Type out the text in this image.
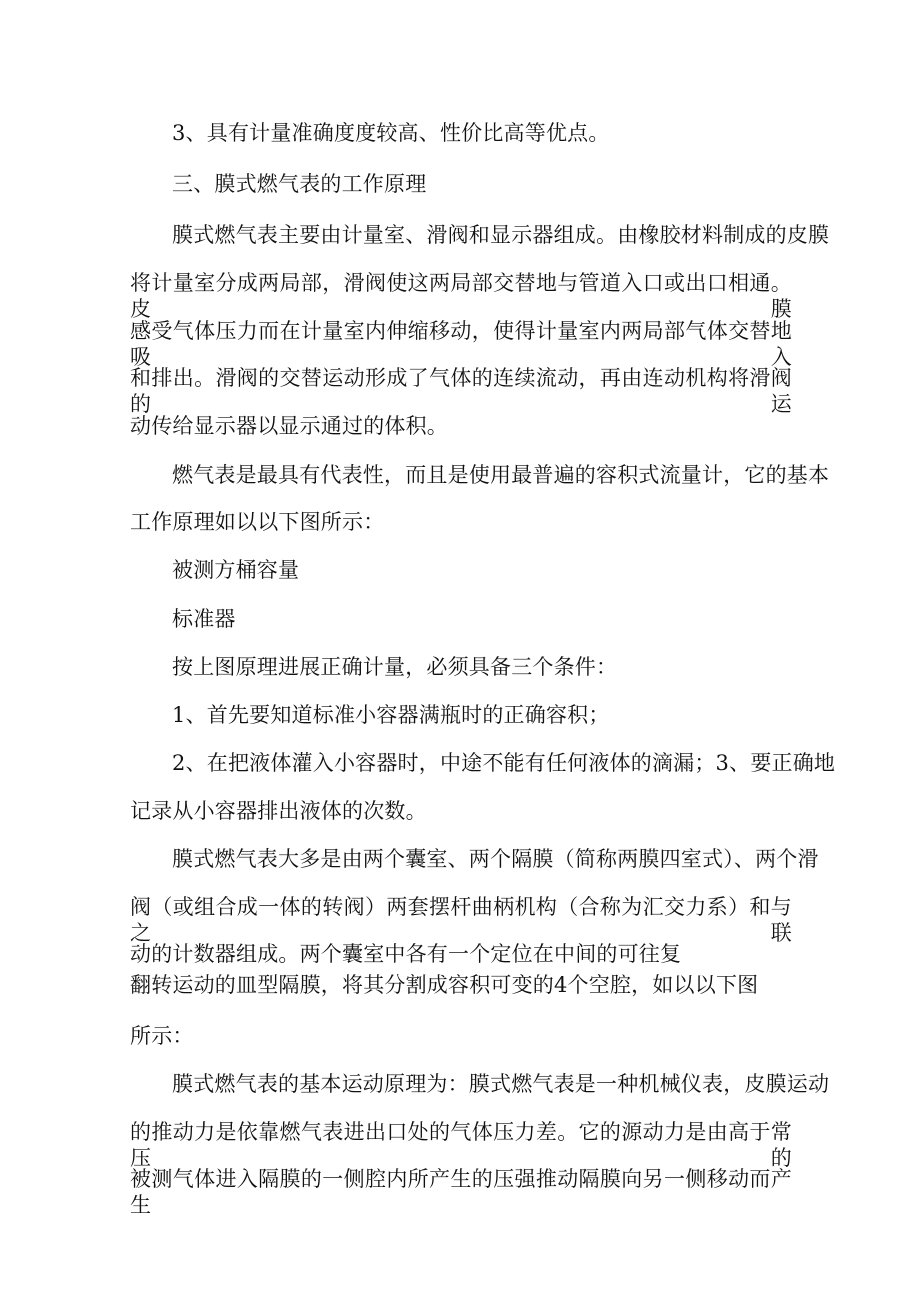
3、具有计量准确度度较高、性价比高等优点。
三、膜式燃气表的工作原理
膜式燃气表主要由计量室、滑阀和显示器组成。由橡胶材料制成的皮膜
将计量室分成两局部，滑阀使这两局部交替地与管道入口或出口相通。皮膜
感受气体压力而在计量室内伸缩移动，使得计量室内两局部气体交替地吸入
和排出。滑阀的交替运动形成了气体的连续流动，再由连动机构将滑阀的运
动传给显示器以显示通过的体积。
燃气表是最具有代表性，而且是使用最普遍的容积式流量计，它的基本
工作原理如以以下图所示：
被测方桶容量
标准器
按上图原理进展正确计量，必须具备三个条件：
1、首先要知道标准小容器满瓶时的正确容积；
2、在把液体灌入小容器时，中途不能有任何液体的滴漏；3、要正确地
记录从小容器排出液体的次数。
膜式燃气表大多是由两个囊室、两个隔膜（简称两膜四室式）、两个滑
阀（或组合成一体的转阀）两套摆杆曲柄机构（合称为汇交力系）和与之联
动的计数器组成。两个囊室中各有一个定位在中间的可往复
翻转运动的皿型隔膜，将其分割成容积可变的4个空腔，如以以下图
所示：
膜式燃气表的基本运动原理为：膜式燃气表是一种机械仪表，皮膜运动
的推动力是依靠燃气表进出口处的气体压力差。它的源动力是由高于常压的
被测气体进入隔膜的一侧腔内所产生的压强推动隔膜向另一侧移动而产生
